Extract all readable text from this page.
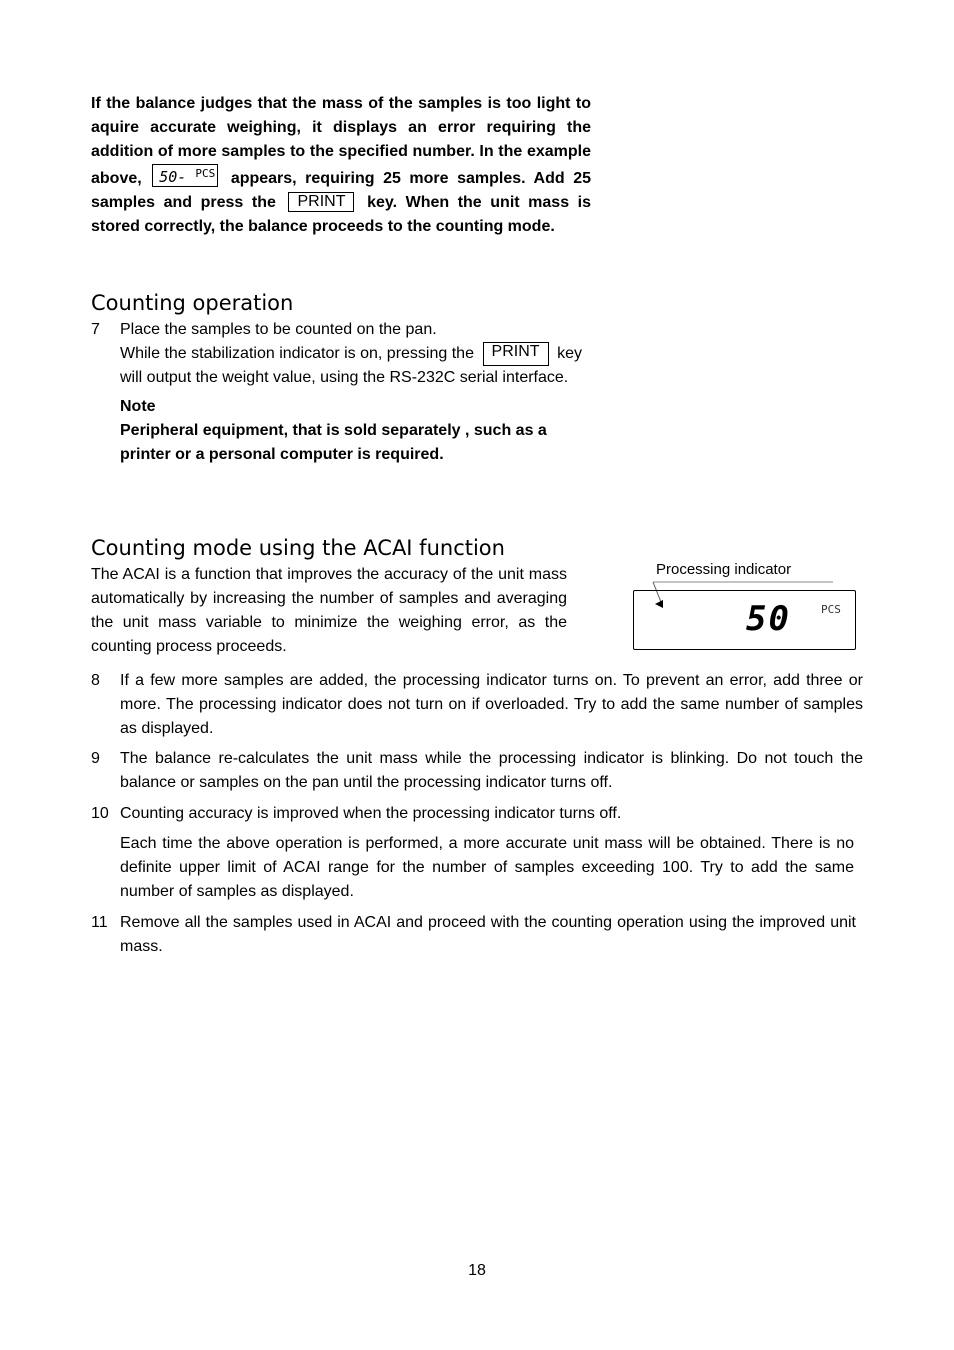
If the balance judges that the mass of the samples is too light to aquire accurate weighing, it displays an error requiring the addition of more samples to the specified number. In the example above, 50- $^{PCS}$ appears, requiring 25 more samples. Add 25 samples and press the PRINT key. When the unit mass is stored correctly, the balance proceeds to the counting mode.
Counting operation
7 Place the samples to be counted on the pan.
While the stabilization indicator is on, pressing the	PRINT	key
will output the weight value, using the RS-232C serial interface.
Note
Peripheral equipment, that is sold separately , such as a
printer or a personal computer is required.
Counting mode using the ACAI function
The ACAI is a function that improves the accuracy of the unit mass automatically by increasing the number of samples and averaging the unit mass variable to minimize the weighing error, as the counting process proceeds.
Processing indicator
50	PCS
8 If a few more samples are added, the processing indicator turns on. To prevent an error, add three or more. The processing indicator does not turn on if overloaded. Try to add the same number of samples as displayed.
9 The balance re-calculates the unit mass while the processing indicator is blinking. Do not touch the balance or samples on the pan until the processing indicator turns off.
10 Counting accuracy is improved when the processing indicator turns off.
Each time the above operation is performed, a more accurate unit mass will be obtained. There is no definite upper limit of ACAI range for the number of samples exceeding 100. Try to add the same number of samples as displayed.
11 Remove all the samples used in ACAI and proceed with the counting operation using the improved unit mass.
18
